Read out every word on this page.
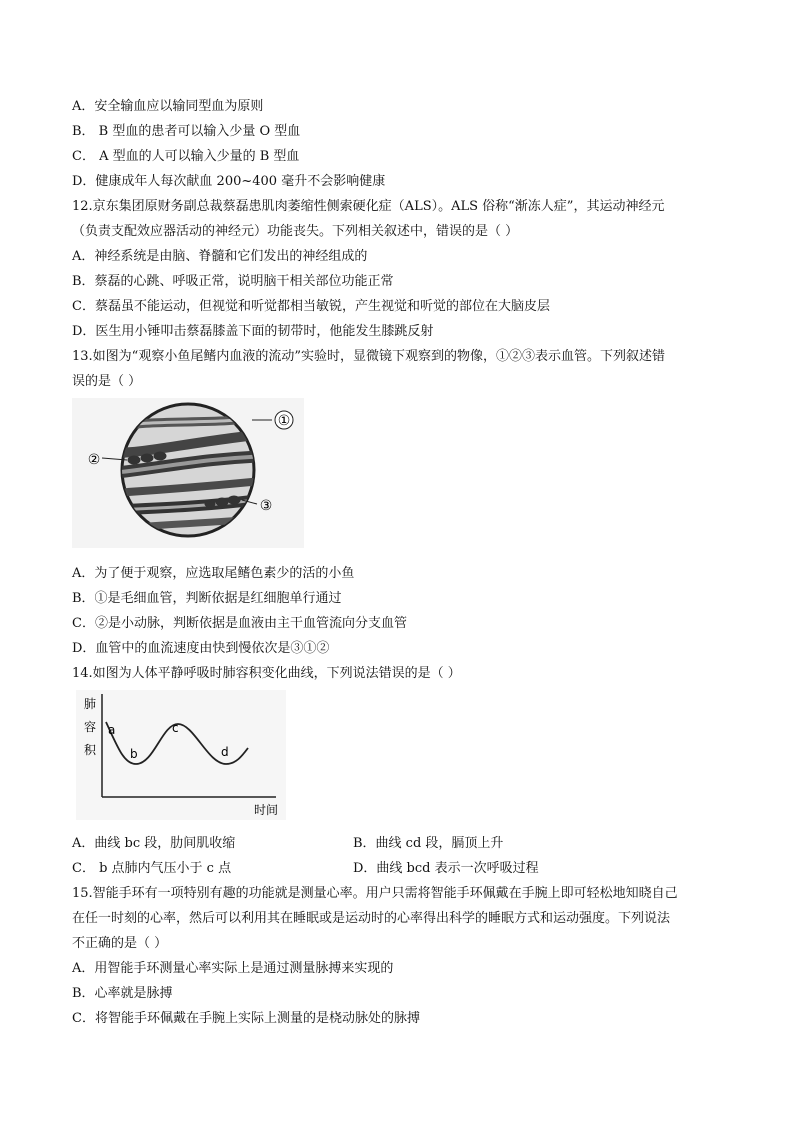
A．安全输血应以输同型血为原则
B． B 型血的患者可以输入少量 O 型血
C． A 型血的人可以输入少量的 B 型血
D．健康成年人每次献血 200~400 毫升不会影响健康
12.京东集团原财务副总裁蔡磊患肌肉萎缩性侧索硬化症（ALS）。ALS 俗称“渐冻人症”，其运动神经元
（负责支配效应器活动的神经元）功能丧失。下列相关叙述中，错误的是（ ）
A．神经系统是由脑、脊髓和它们发出的神经组成的
B．蔡磊的心跳、呼吸正常，说明脑干相关部位功能正常
C．蔡磊虽不能运动，但视觉和听觉都相当敏锐，产生视觉和听觉的部位在大脑皮层
D．医生用小锤叩击蔡磊膝盖下面的韧带时，他能发生膝跳反射
13.如图为“观察小鱼尾鳍内血液的流动”实验时，显微镜下观察到的物像，①②③表示血管。下列叙述错
误的是（ ）
①
②
③
A．为了便于观察，应选取尾鳍色素少的活的小鱼
B．①是毛细血管，判断依据是红细胞单行通过
C．②是小动脉，判断依据是血液由主干血管流向分支血管
D．血管中的血流速度由快到慢依次是③①②
14.如图为人体平静呼吸时肺容积变化曲线，下列说法错误的是（ ）
肺
容
积
时间
a
b
c
d
A．曲线 bc 段，肋间肌收缩	B．曲线 cd 段，膈顶上升
C． b 点肺内气压小于 c 点	D．曲线 bcd 表示一次呼吸过程
15.智能手环有一项特别有趣的功能就是测量心率。用户只需将智能手环佩戴在手腕上即可轻松地知晓自己
在任一时刻的心率，然后可以利用其在睡眠或是运动时的心率得出科学的睡眠方式和运动强度。下列说法
不正确的是（ ）
A．用智能手环测量心率实际上是通过测量脉搏来实现的
B．心率就是脉搏
C．将智能手环佩戴在手腕上实际上测量的是桡动脉处的脉搏
